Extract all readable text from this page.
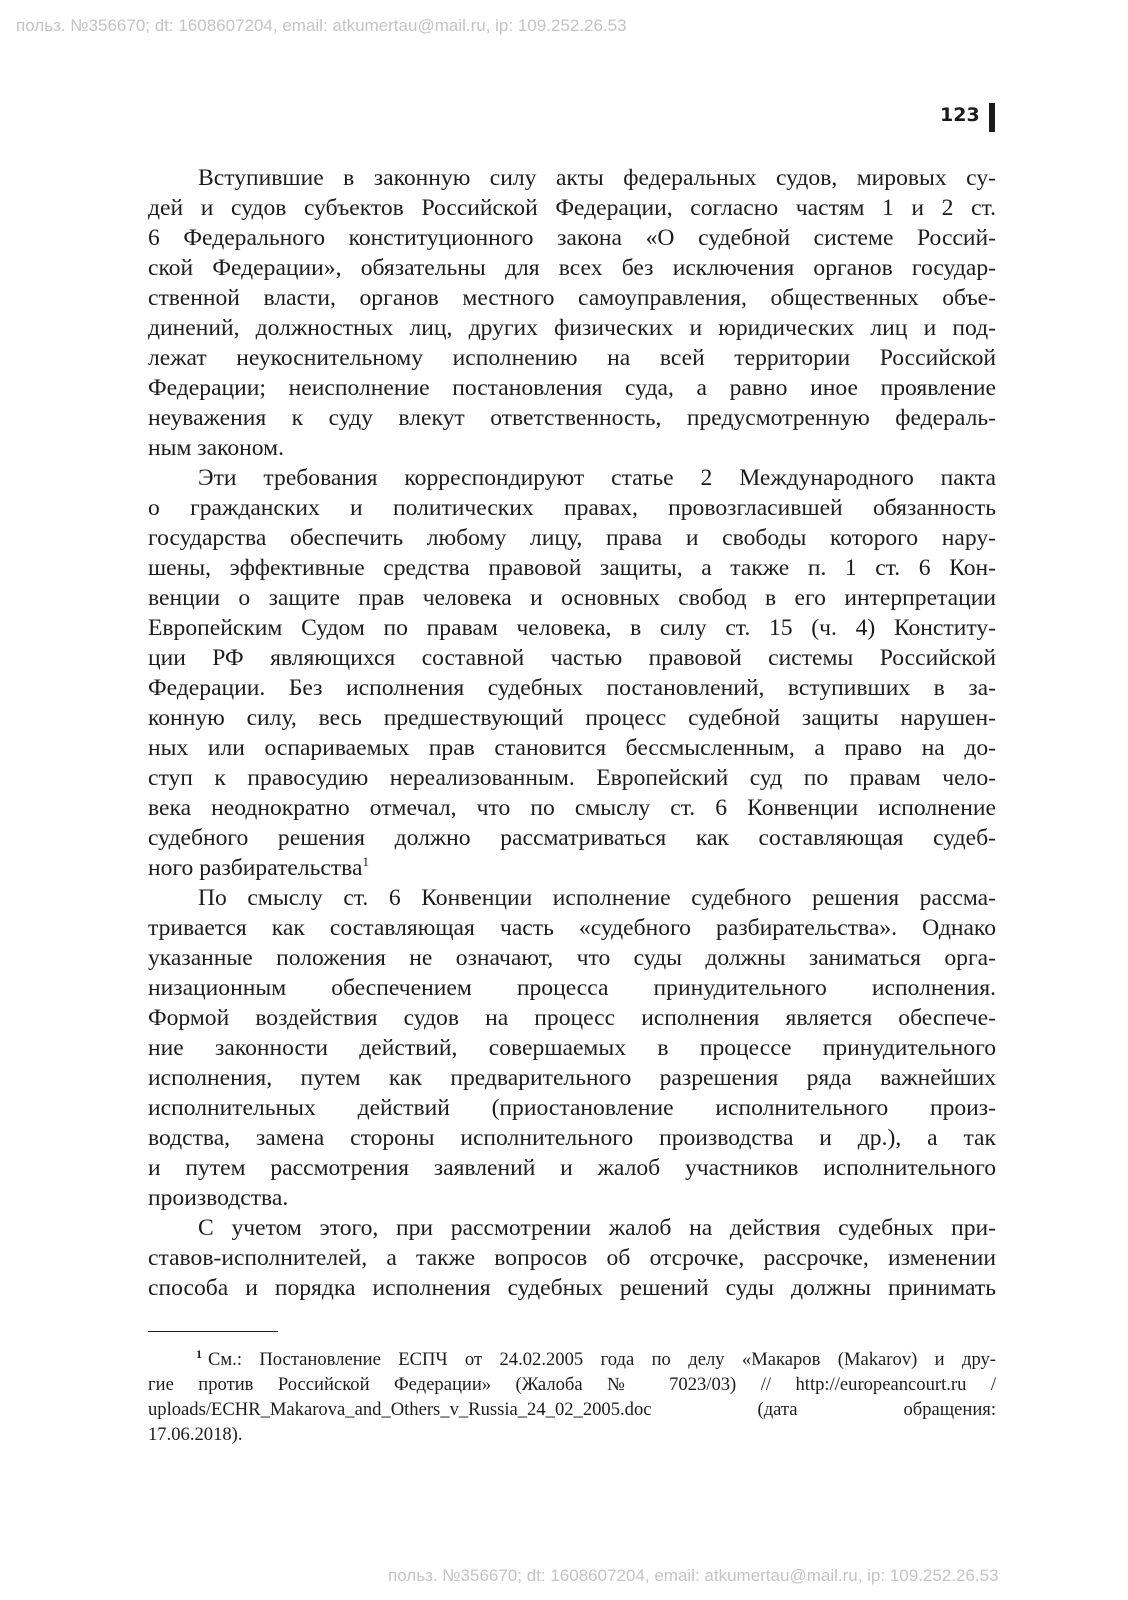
польз. №356670; dt: 1608607204, email: atkumertau@mail.ru, ip: 109.252.26.53
123
Вступившие в законную силу акты федеральных судов, мировых су-
дей и судов субъектов Российской Федерации, согласно частям 1 и 2 ст.
6 Федерального конституционного закона «О судебной системе Россий-
ской Федерации», обязательны для всех без исключения органов государ-
ственной власти, органов местного самоуправления, общественных объе-
динений, должностных лиц, других физических и юридических лиц и под-
лежат неукоснительному исполнению на всей территории Российской
Федерации; неисполнение постановления суда, а равно иное проявление
неуважения к суду влекут ответственность, предусмотренную федераль-
ным законом.
Эти требования корреспондируют статье 2 Международного пакта
о гражданских и политических правах, провозгласившей обязанность
государства обеспечить любому лицу, права и свободы которого нару-
шены, эффективные средства правовой защиты, а также п. 1 ст. 6 Кон-
венции о защите прав человека и основных свобод в его интерпретации
Европейским Судом по правам человека, в силу ст. 15 (ч. 4) Конститу-
ции РФ являющихся составной частью правовой системы Российской
Федерации. Без исполнения судебных постановлений, вступивших в за-
конную силу, весь предшествующий процесс судебной защиты нарушен-
ных или оспариваемых прав становится бессмысленным, а право на до-
ступ к правосудию нереализованным. Европейский суд по правам чело-
века неоднократно отмечал, что по смыслу ст. 6 Конвенции исполнение
судебного решения должно рассматриваться как составляющая судеб-
ного разбирательства$^1$
По смыслу ст. 6 Конвенции исполнение судебного решения рассма-
тривается как составляющая часть «судебного разбирательства». Однако
указанные положения не означают, что суды должны заниматься орга-
низационным обеспечением процесса принудительного исполнения.
Формой воздействия судов на процесс исполнения является обеспече-
ние законности действий, совершаемых в процессе принудительного
исполнения, путем как предварительного разрешения ряда важнейших
исполнительных действий (приостановление исполнительного произ-
водства, замена стороны исполнительного производства и др.), а так
и путем рассмотрения заявлений и жалоб участников исполнительного
производства.
С учетом этого, при рассмотрении жалоб на действия судебных при-
ставов-исполнителей, а также вопросов об отсрочке, рассрочке, изменении
способа и порядка исполнения судебных решений суды должны принимать
$^1$ См.: Постановление ЕСПЧ от 24.02.2005 года по делу «Макаров (Makarov) и дру-
гие против Российской Федерации» (Жалоба № 7023/03) // http://europeancourt.ru /
uploads/ECHR_Makarova_and_Others_v_Russia_24_02_2005.doc (дата обращения:
17.06.2018).
польз. №356670; dt: 1608607204, email: atkumertau@mail.ru, ip: 109.252.26.53
